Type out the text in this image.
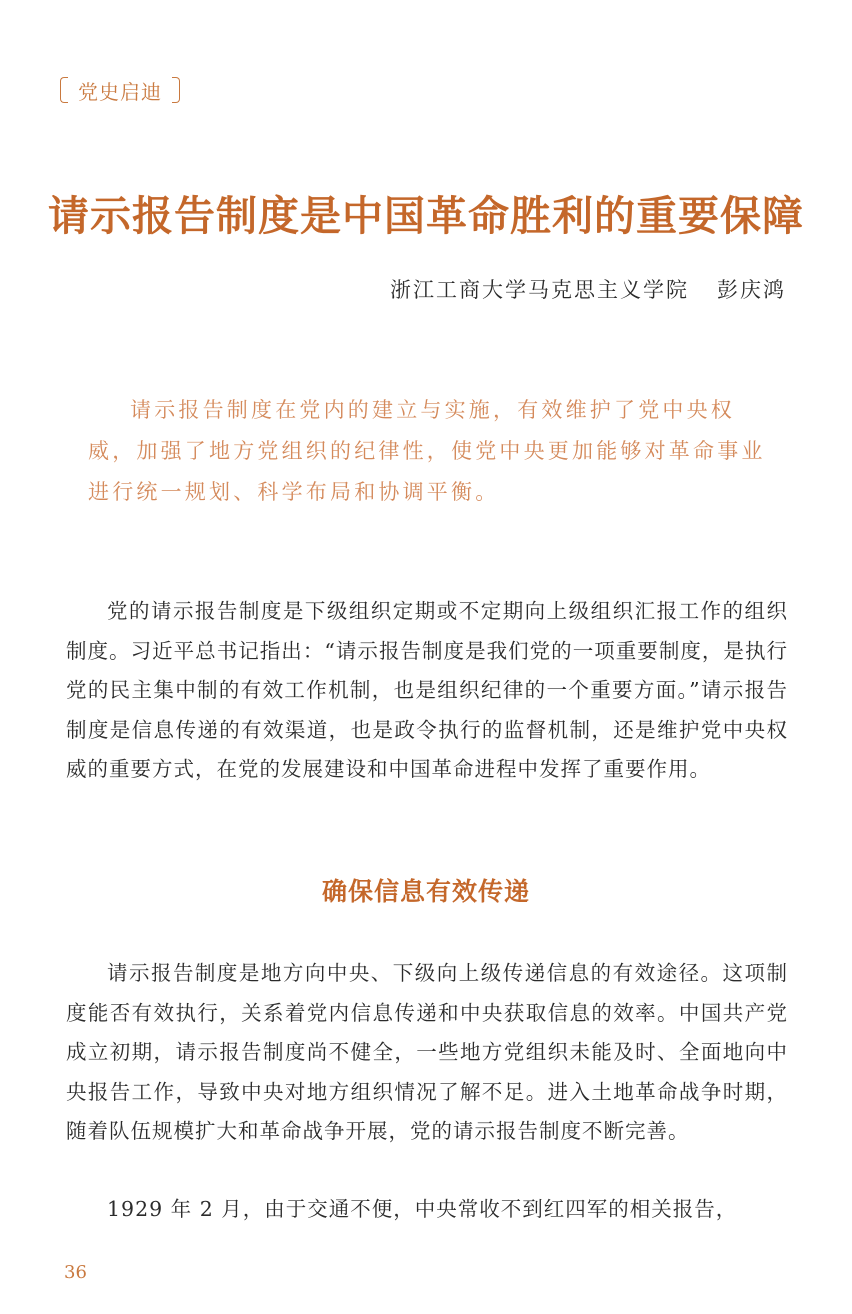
党史启迪
请示报告制度是中国革命胜利的重要保障
浙江工商大学马克思主义学院 彭庆鸿

请示报告制度在党内的建立与实施，有效维护了党中央权威，加强了地方党组织的纪律性，使党中央更加能够对革命事业进行统一规划、科学布局和协调平衡。

党的请示报告制度是下级组织定期或不定期向上级组织汇报工作的组织制度。习近平总书记指出：“请示报告制度是我们党的一项重要制度，是执行党的民主集中制的有效工作机制，也是组织纪律的一个重要方面。”请示报告制度是信息传递的有效渠道，也是政令执行的监督机制，还是维护党中央权威的重要方式，在党的发展建设和中国革命进程中发挥了重要作用。

确保信息有效传递

请示报告制度是地方向中央、下级向上级传递信息的有效途径。这项制度能否有效执行，关系着党内信息传递和中央获取信息的效率。中国共产党成立初期，请示报告制度尚不健全，一些地方党组织未能及时、全面地向中央报告工作，导致中央对地方组织情况了解不足。进入土地革命战争时期，随着队伍规模扩大和革命战争开展，党的请示报告制度不断完善。

1929 年 2 月，由于交通不便，中央常收不到红四军的相关报告，

36
